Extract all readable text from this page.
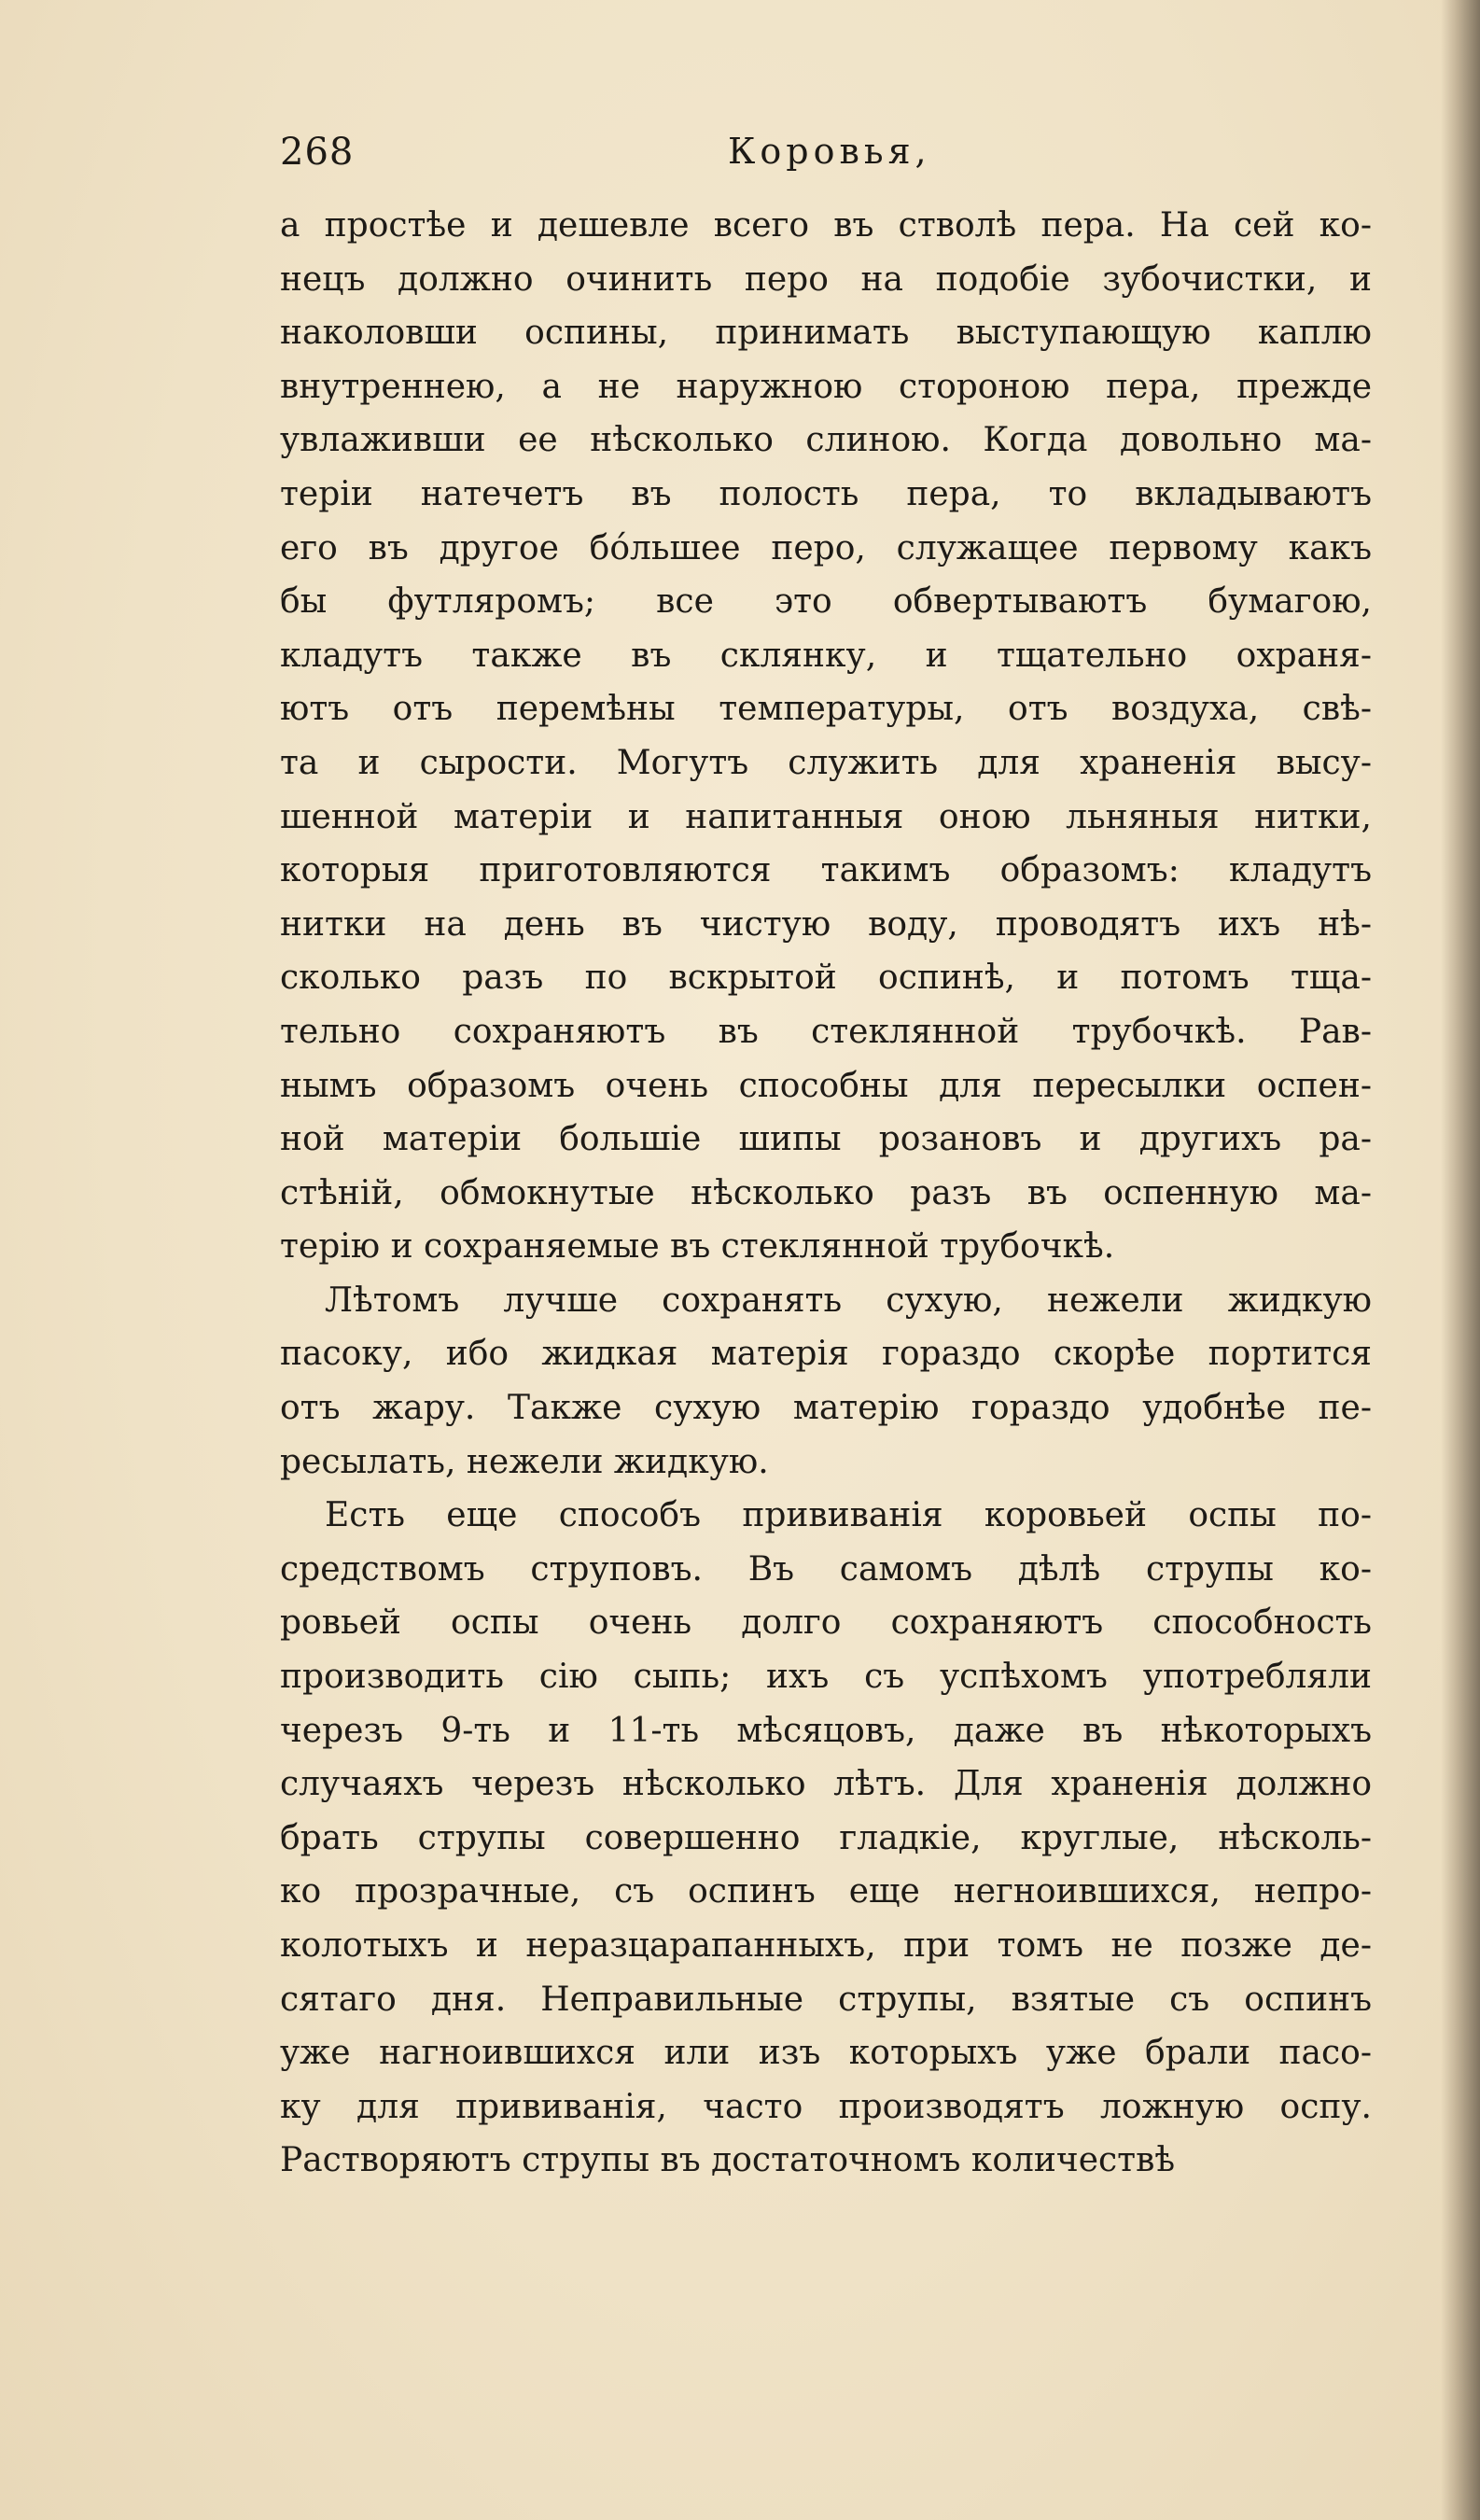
268	Коровья,
а простѣе и дешевле всего въ стволѣ пера. На сей ко-
нецъ должно очинить перо на подобіе зубочистки, и
наколовши оспины, принимать выступающую каплю
внутреннею, а не наружною стороною пера, прежде
увлаживши ее нѣсколько слиною. Когда довольно ма-
теріи натечетъ въ полость пера, то вкладываютъ
его въ другое бо́льшее перо, служащее первому какъ
бы футляромъ; все это обвертываютъ бумагою,
кладутъ также въ склянку, и тщательно охраня-
ютъ отъ перемѣны температуры, отъ воздуха, свѣ-
та и сырости. Могутъ служить для храненія высу-
шенной матеріи и напитанныя оною льняныя нитки,
которыя приготовляются такимъ образомъ: кладутъ
нитки на день въ чистую воду, проводятъ ихъ нѣ-
сколько разъ по вскрытой оспинѣ, и потомъ тща-
тельно сохраняютъ въ стеклянной трубочкѣ. Рав-
нымъ образомъ очень способны для пересылки оспен-
ной матеріи большіе шипы розановъ и другихъ ра-
стѣній, обмокнутые нѣсколько разъ въ оспенную ма-
терію и сохраняемые въ стеклянной трубочкѣ.
Лѣтомъ лучше сохранять сухую, нежели жидкую
пасоку, ибо жидкая матерія гораздо скорѣе портится
отъ жару. Также сухую матерію гораздо удобнѣе пе-
ресылать, нежели жидкую.
Есть еще способъ прививанія коровьей оспы по-
средствомъ струповъ. Въ самомъ дѣлѣ струпы ко-
ровьей оспы очень долго сохраняютъ способность
производить сію сыпь; ихъ съ успѣхомъ употребляли
черезъ 9-ть и 11-ть мѣсяцовъ, даже въ нѣкоторыхъ
случаяхъ черезъ нѣсколько лѣтъ. Для храненія должно
брать струпы совершенно гладкіе, круглые, нѣсколь-
ко прозрачные, съ оспинъ еще негноившихся, непро-
колотыхъ и неразцарапанныхъ, при томъ не позже де-
сятаго дня. Неправильные струпы, взятые съ оспинъ
уже нагноившихся или изъ которыхъ уже брали пасо-
ку для прививанія, часто производятъ ложную оспу.
Растворяютъ струпы въ достаточномъ количествѣ
